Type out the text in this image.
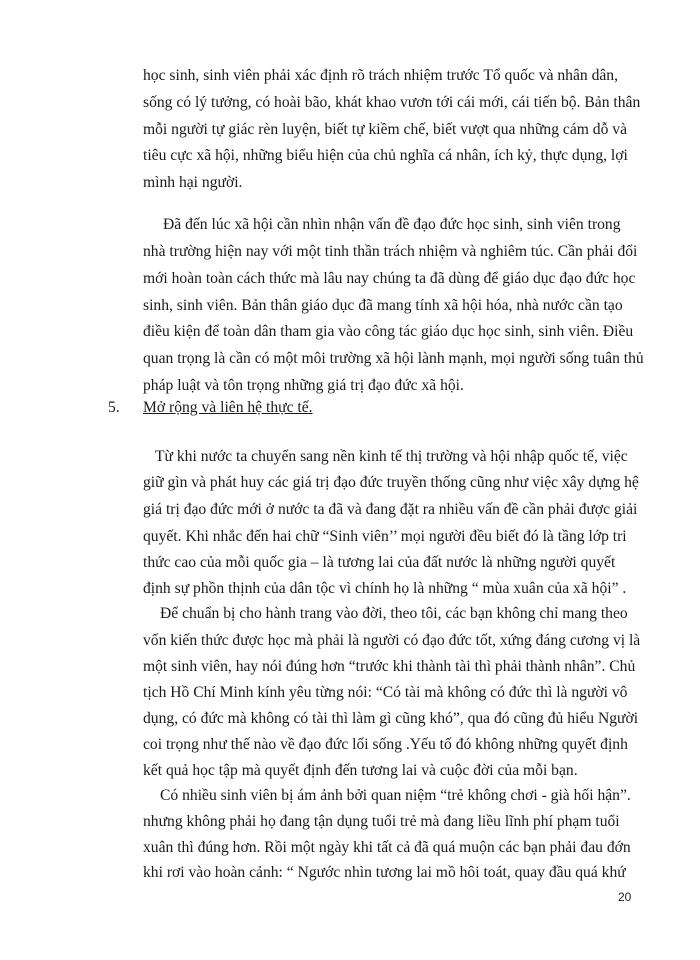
học sinh, sinh viên phải xác định rõ trách nhiệm trước Tổ quốc và nhân dân,
sống có lý tưởng, có hoài bão, khát khao vươn tới cái mới, cái tiến bộ. Bản thân
mỗi người tự giác rèn luyện, biết tự kiềm chế, biết vượt qua những cám dỗ và
tiêu cực xã hội, những biểu hiện của chủ nghĩa cá nhân, ích kỷ, thực dụng, lợi
mình hại người.
Đã đến lúc xã hội cần nhìn nhận vấn đề đạo đức học sinh, sinh viên trong
nhà trường hiện nay với một tinh thần trách nhiệm và nghiêm túc. Cần phải đổi
mới hoàn toàn cách thức mà lâu nay chúng ta đã dùng để giáo dục đạo đức học
sinh, sinh viên. Bản thân giáo dục đã mang tính xã hội hóa, nhà nước cần tạo
điều kiện để toàn dân tham gia vào công tác giáo dục học sinh, sinh viên. Điều
quan trọng là cần có một môi trường xã hội lành mạnh, mọi người sống tuân thủ
pháp luật và tôn trọng những giá trị đạo đức xã hội.
5. Mở rộng và liên hệ thực tế.
Từ khi nước ta chuyển sang nền kinh tế thị trường và hội nhập quốc tế, việc
giữ gìn và phát huy các giá trị đạo đức truyền thống cũng như việc xây dựng hệ
giá trị đạo đức mới ở nước ta đã và đang đặt ra nhiều vấn đề cần phải được giải
quyết. Khi nhắc đến hai chữ “Sinh viên’’ mọi người đều biết đó là tầng lớp tri
thức cao của mỗi quốc gia – là tương lai của đất nước là những người quyết
định sự phồn thịnh của dân tộc vì chính họ là những “ mùa xuân của xã hội” .
Để chuẩn bị cho hành trang vào đời, theo tôi, các bạn không chỉ mang theo
vốn kiến thức được học mà phải là người có đạo đức tốt, xứng đáng cương vị là
một sinh viên, hay nói đúng hơn “trước khi thành tài thì phải thành nhân”. Chủ
tịch Hồ Chí Minh kính yêu từng nói: “Có tài mà không có đức thì là người vô
dụng, có đức mà không có tài thì làm gì cũng khó”, qua đó cũng đủ hiểu Người
coi trọng như thế nào về đạo đức lối sống .Yếu tố đó không những quyết định
kết quả học tập mà quyết định đến tương lai và cuộc đời của mỗi bạn.
Có nhiều sinh viên bị ám ảnh bởi quan niệm “trẻ không chơi - già hối hận”.
nhưng không phải họ đang tận dụng tuổi trẻ mà đang liều lĩnh phí phạm tuổi
xuân thì đúng hơn. Rồi một ngày khi tất cả đã quá muộn các bạn phải đau đớn
khi rơi vào hoàn cảnh: “ Ngước nhìn tương lai mồ hôi toát, quay đầu quá khứ
20
